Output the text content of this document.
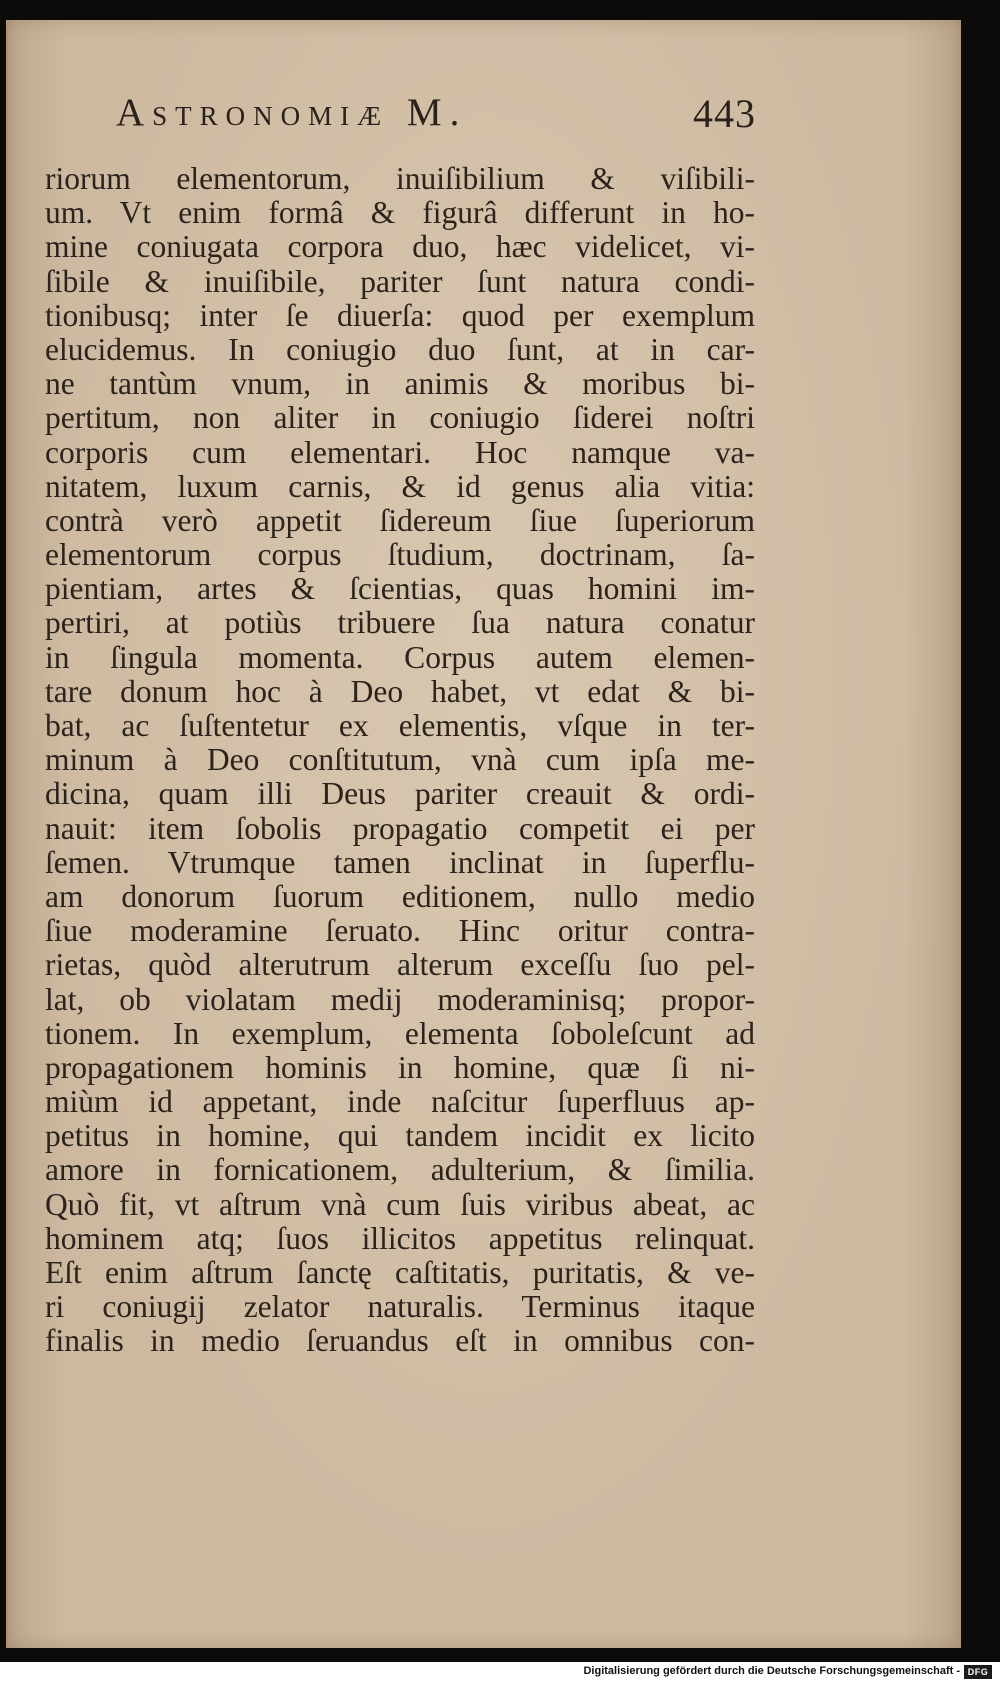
Astronomiæ M.	443
riorum elementorum, inuiſibilium & viſibili-
um. Vt enim formâ & figurâ differunt in ho-
mine coniugata corpora duo, hæc videlicet, vi-
ſibile & inuiſibile, pariter ſunt natura condi-
tionibusq; inter ſe diuerſa: quod per exemplum
elucidemus. In coniugio duo ſunt, at in car-
ne tantùm vnum, in animis & moribus bi-
pertitum, non aliter in coniugio ſiderei noſtri
corporis cum elementari. Hoc namque va-
nitatem, luxum carnis, & id genus alia vitia:
contrà verò appetit ſidereum ſiue ſuperiorum
elementorum corpus ſtudium, doctrinam, ſa-
pientiam, artes & ſcientias, quas homini im-
pertiri, at potiùs tribuere ſua natura conatur
in ſingula momenta. Corpus autem elemen-
tare donum hoc à Deo habet, vt edat & bi-
bat, ac ſuſtentetur ex elementis, vſque in ter-
minum à Deo conſtitutum, vnà cum ipſa me-
dicina, quam illi Deus pariter creauit & ordi-
nauit: item ſobolis propagatio competit ei per
ſemen. Vtrumque tamen inclinat in ſuperflu-
am donorum ſuorum editionem, nullo medio
ſiue moderamine ſeruato. Hinc oritur contra-
rietas, quòd alterutrum alterum exceſſu ſuo pel-
lat, ob violatam medij moderaminisq; propor-
tionem. In exemplum, elementa ſoboleſcunt ad
propagationem hominis in homine, quæ ſi ni-
miùm id appetant, inde naſcitur ſuperfluus ap-
petitus in homine, qui tandem incidit ex licito
amore in fornicationem, adulterium, & ſimilia.
Quò fit, vt aſtrum vnà cum ſuis viribus abeat, ac
hominem atq; ſuos illicitos appetitus relinquat.
Eſt enim aſtrum ſanctę caſtitatis, puritatis, & ve-
ri coniugij zelator naturalis. Terminus itaque
finalis in medio ſeruandus eſt in omnibus con-
Digitalisierung gefördert durch die Deutsche Forschungsgemeinschaft - DFG
